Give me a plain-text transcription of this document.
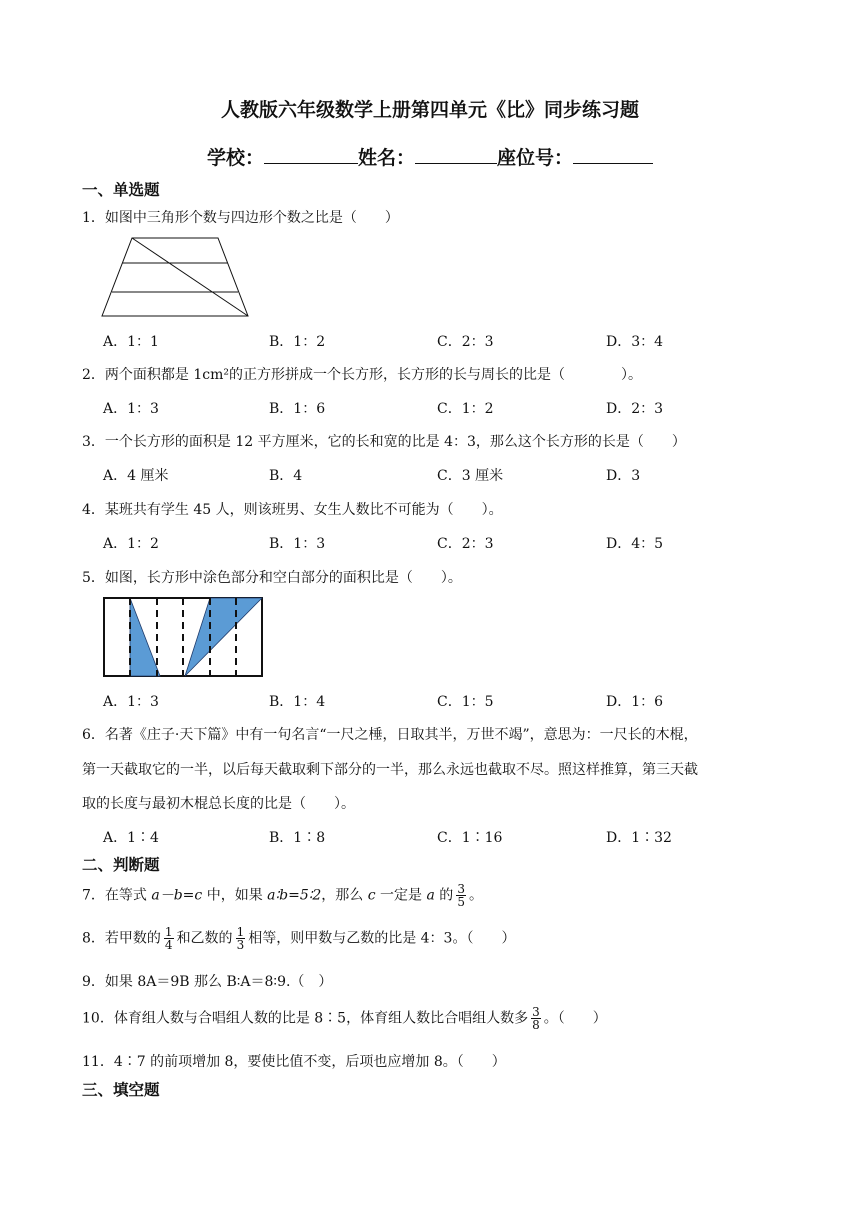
人教版六年级数学上册第四单元《比》同步练习题
学校：	姓名：	座位号：
一、单选题
1．如图中三角形个数与四边形个数之比是（　　）
A．1：1	B．1：2	C．2：3	D．3：4
2．两个面积都是 1cm²的正方形拼成一个长方形，长方形的长与周长的比是（　　　　）。
A．1：3	B．1：6	C．1：2	D．2：3
3．一个长方形的面积是 12 平方厘米，它的长和宽的比是 4：3，那么这个长方形的长是（　　）
A．4 厘米	B．4	C．3 厘米	D．3
4．某班共有学生 45 人，则该班男、女生人数比不可能为（　　）。
A．1：2	B．1：3	C．2：3	D．4：5
5．如图，长方形中涂色部分和空白部分的面积比是（　　）。
A．1：3	B．1：4	C．1：5	D．1：6
6．名著《庄子·天下篇》中有一句名言“一尺之棰，日取其半，万世不竭”，意思为：一尺长的木棍，
第一天截取它的一半，以后每天截取剩下部分的一半，那么永远也截取不尽。照这样推算，第三天截
取的长度与最初木棍总长度的比是（　　）。
A．1∶4	B．1∶8	C．1∶16	D．1∶32
二、判断题
7．在等式 a－b=c 中，如果 a∶b=5∶2，那么 c 一定是 a 的 $\frac{3}{5}$ 。
8．若甲数的 $\frac{1}{4}$ 和乙数的 $\frac{1}{3}$ 相等，则甲数与乙数的比是 4：3。（　　）
9．如果 8A＝9B 那么 B∶A＝8∶9.（　）
10．体育组人数与合唱组人数的比是 8∶5，体育组人数比合唱组人数多 $\frac{3}{8}$ 。（　　）
11．4∶7 的前项增加 8，要使比值不变，后项也应增加 8。（　　）
三、填空题
